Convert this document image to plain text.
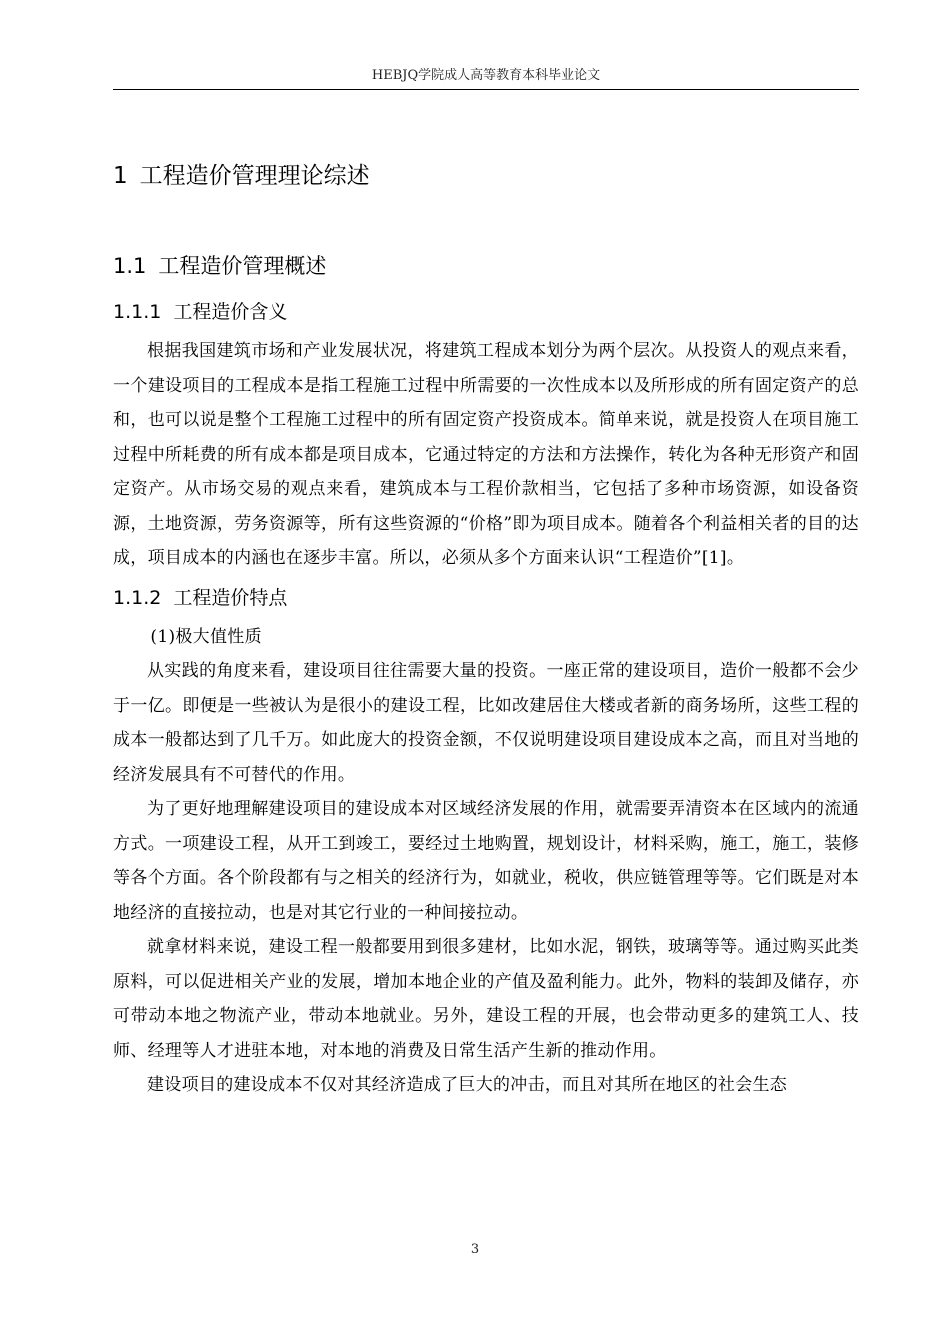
HEBJQ学院成人高等教育本科毕业论文
1 工程造价管理理论综述
1.1 工程造价管理概述
1.1.1 工程造价含义

根据我国建筑市场和产业发展状况，将建筑工程成本划分为两个层次。从投资人的观点来看，一个建设项目的工程成本是指工程施工过程中所需要的一次性成本以及所形成的所有固定资产的总和，也可以说是整个工程施工过程中的所有固定资产投资成本。简单来说，就是投资人在项目施工过程中所耗费的所有成本都是项目成本，它通过特定的方法和方法操作，转化为各种无形资产和固定资产。从市场交易的观点来看，建筑成本与工程价款相当，它包括了多种市场资源，如设备资源，土地资源，劳务资源等，所有这些资源的“价格”即为项目成本。随着各个利益相关者的目的达成，项目成本的内涵也在逐步丰富。所以，必须从多个方面来认识“工程造价”[1]。

1.1.2 工程造价特点

(1)极大值性质

从实践的角度来看，建设项目往往需要大量的投资。一座正常的建设项目，造价一般都不会少于一亿。即便是一些被认为是很小的建设工程，比如改建居住大楼或者新的商务场所，这些工程的成本一般都达到了几千万。如此庞大的投资金额，不仅说明建设项目建设成本之高，而且对当地的经济发展具有不可替代的作用。

为了更好地理解建设项目的建设成本对区域经济发展的作用，就需要弄清资本在区域内的流通方式。一项建设工程，从开工到竣工，要经过土地购置，规划设计，材料采购，施工，施工，装修等各个方面。各个阶段都有与之相关的经济行为，如就业，税收，供应链管理等等。它们既是对本地经济的直接拉动，也是对其它行业的一种间接拉动。

就拿材料来说，建设工程一般都要用到很多建材，比如水泥，钢铁，玻璃等等。通过购买此类原料，可以促进相关产业的发展，增加本地企业的产值及盈利能力。此外，物料的装卸及储存，亦可带动本地之物流产业，带动本地就业。另外，建设工程的开展，也会带动更多的建筑工人、技师、经理等人才进驻本地，对本地的消费及日常生活产生新的推动作用。

建设项目的建设成本不仅对其经济造成了巨大的冲击，而且对其所在地区的社会生态

3
